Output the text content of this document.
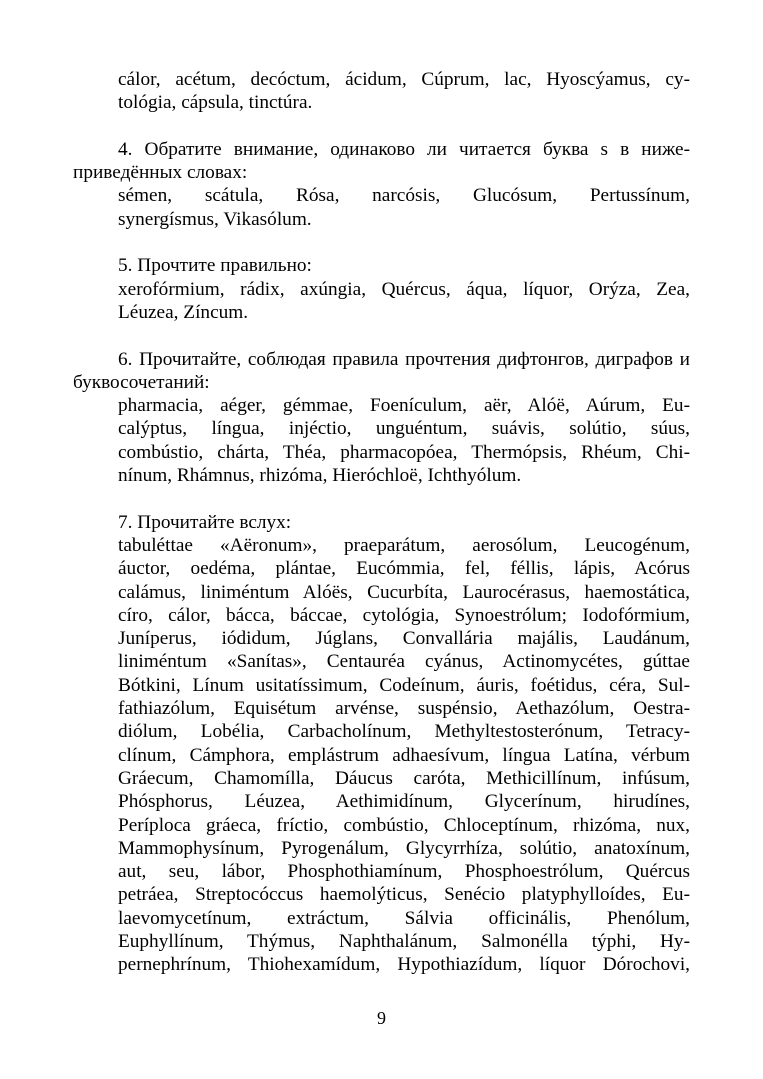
cálor, acétum, decóctum, ácidum, Cúprum, lac, Hyoscýamus, cy-

tológia, cápsula, tinctúra.

4. Обратите внимание, одинаково ли читается буква s в ниже-

приведённых словах:

sémen, scátula, Rósa, narcósis, Glucósum, Pertussínum,

synergísmus, Vikasólum.

5. Прочтите правильно:

xerofórmium, rádix, axúngia, Quércus, áqua, líquor, Orýza, Zea,

Léuzea, Zíncum.

6. Прочитайте, соблюдая правила прочтения дифтонгов, диграфов и буквосочетаний:

pharmacia, aéger, gémmae, Foenículum, aër, Alóë, Aúrum, Eu-

calýptus, língua, injéctio, unguéntum, suávis, solútio, súus,

combústio, chárta, Théa, pharmacopóea, Thermópsis, Rhéum, Chi-

nínum, Rhámnus, rhizóma, Hieróchloë, Ichthyólum.

7. Прочитайте вслух:

tabuléttae «Aëronum», praeparátum, aerosólum, Leucogénum,

áuctor, oedéma, plántae, Eucómmia, fel, féllis, lápis, Acórus

calámus, liniméntum Alóës, Cucurbíta, Laurocérasus, haemostática,

círo, cálor, bácca, báccae, cytológia, Synoestrólum; Iodofórmium,

Juníperus, iódidum, Júglans, Convallária majális, Laudánum,

liniméntum «Sanítas», Centauréa cyánus, Actinomycétes, gúttae

Bótkini, Línum usitatíssimum, Codeínum, áuris, foétidus, céra, Sul-

fathiazólum, Equisétum arvénse, suspénsio, Aethazólum, Oestra-

diólum, Lobélia, Carbacholínum, Methyltestosterónum, Tetracy-

clínum, Cámphora, emplástrum adhaesívum, língua Latína, vérbum

Gráecum, Chamomílla, Dáucus caróta, Methicillínum, infúsum,

Phósphorus, Léuzea, Aethimidínum, Glycerínum, hirudínes,

Períploca gráeca, fríctio, combústio, Chloceptínum, rhizóma, nux,

Mammophysínum, Pyrogenálum, Glycyrrhíza, solútio, anatoxínum,

aut, seu, lábor, Phosphothiamínum, Phosphoestrólum, Quércus

petráea, Streptocóccus haemolýticus, Senécio platyphylloídes, Eu-

laevomycetínum, extráctum, Sálvia officinális, Phenólum,

Euphyllínum, Thýmus, Naphthalánum, Salmonélla týphi, Hy-

pernephrínum, Thiohexamídum, Hypothiazídum, líquor Dórochovi,

9
